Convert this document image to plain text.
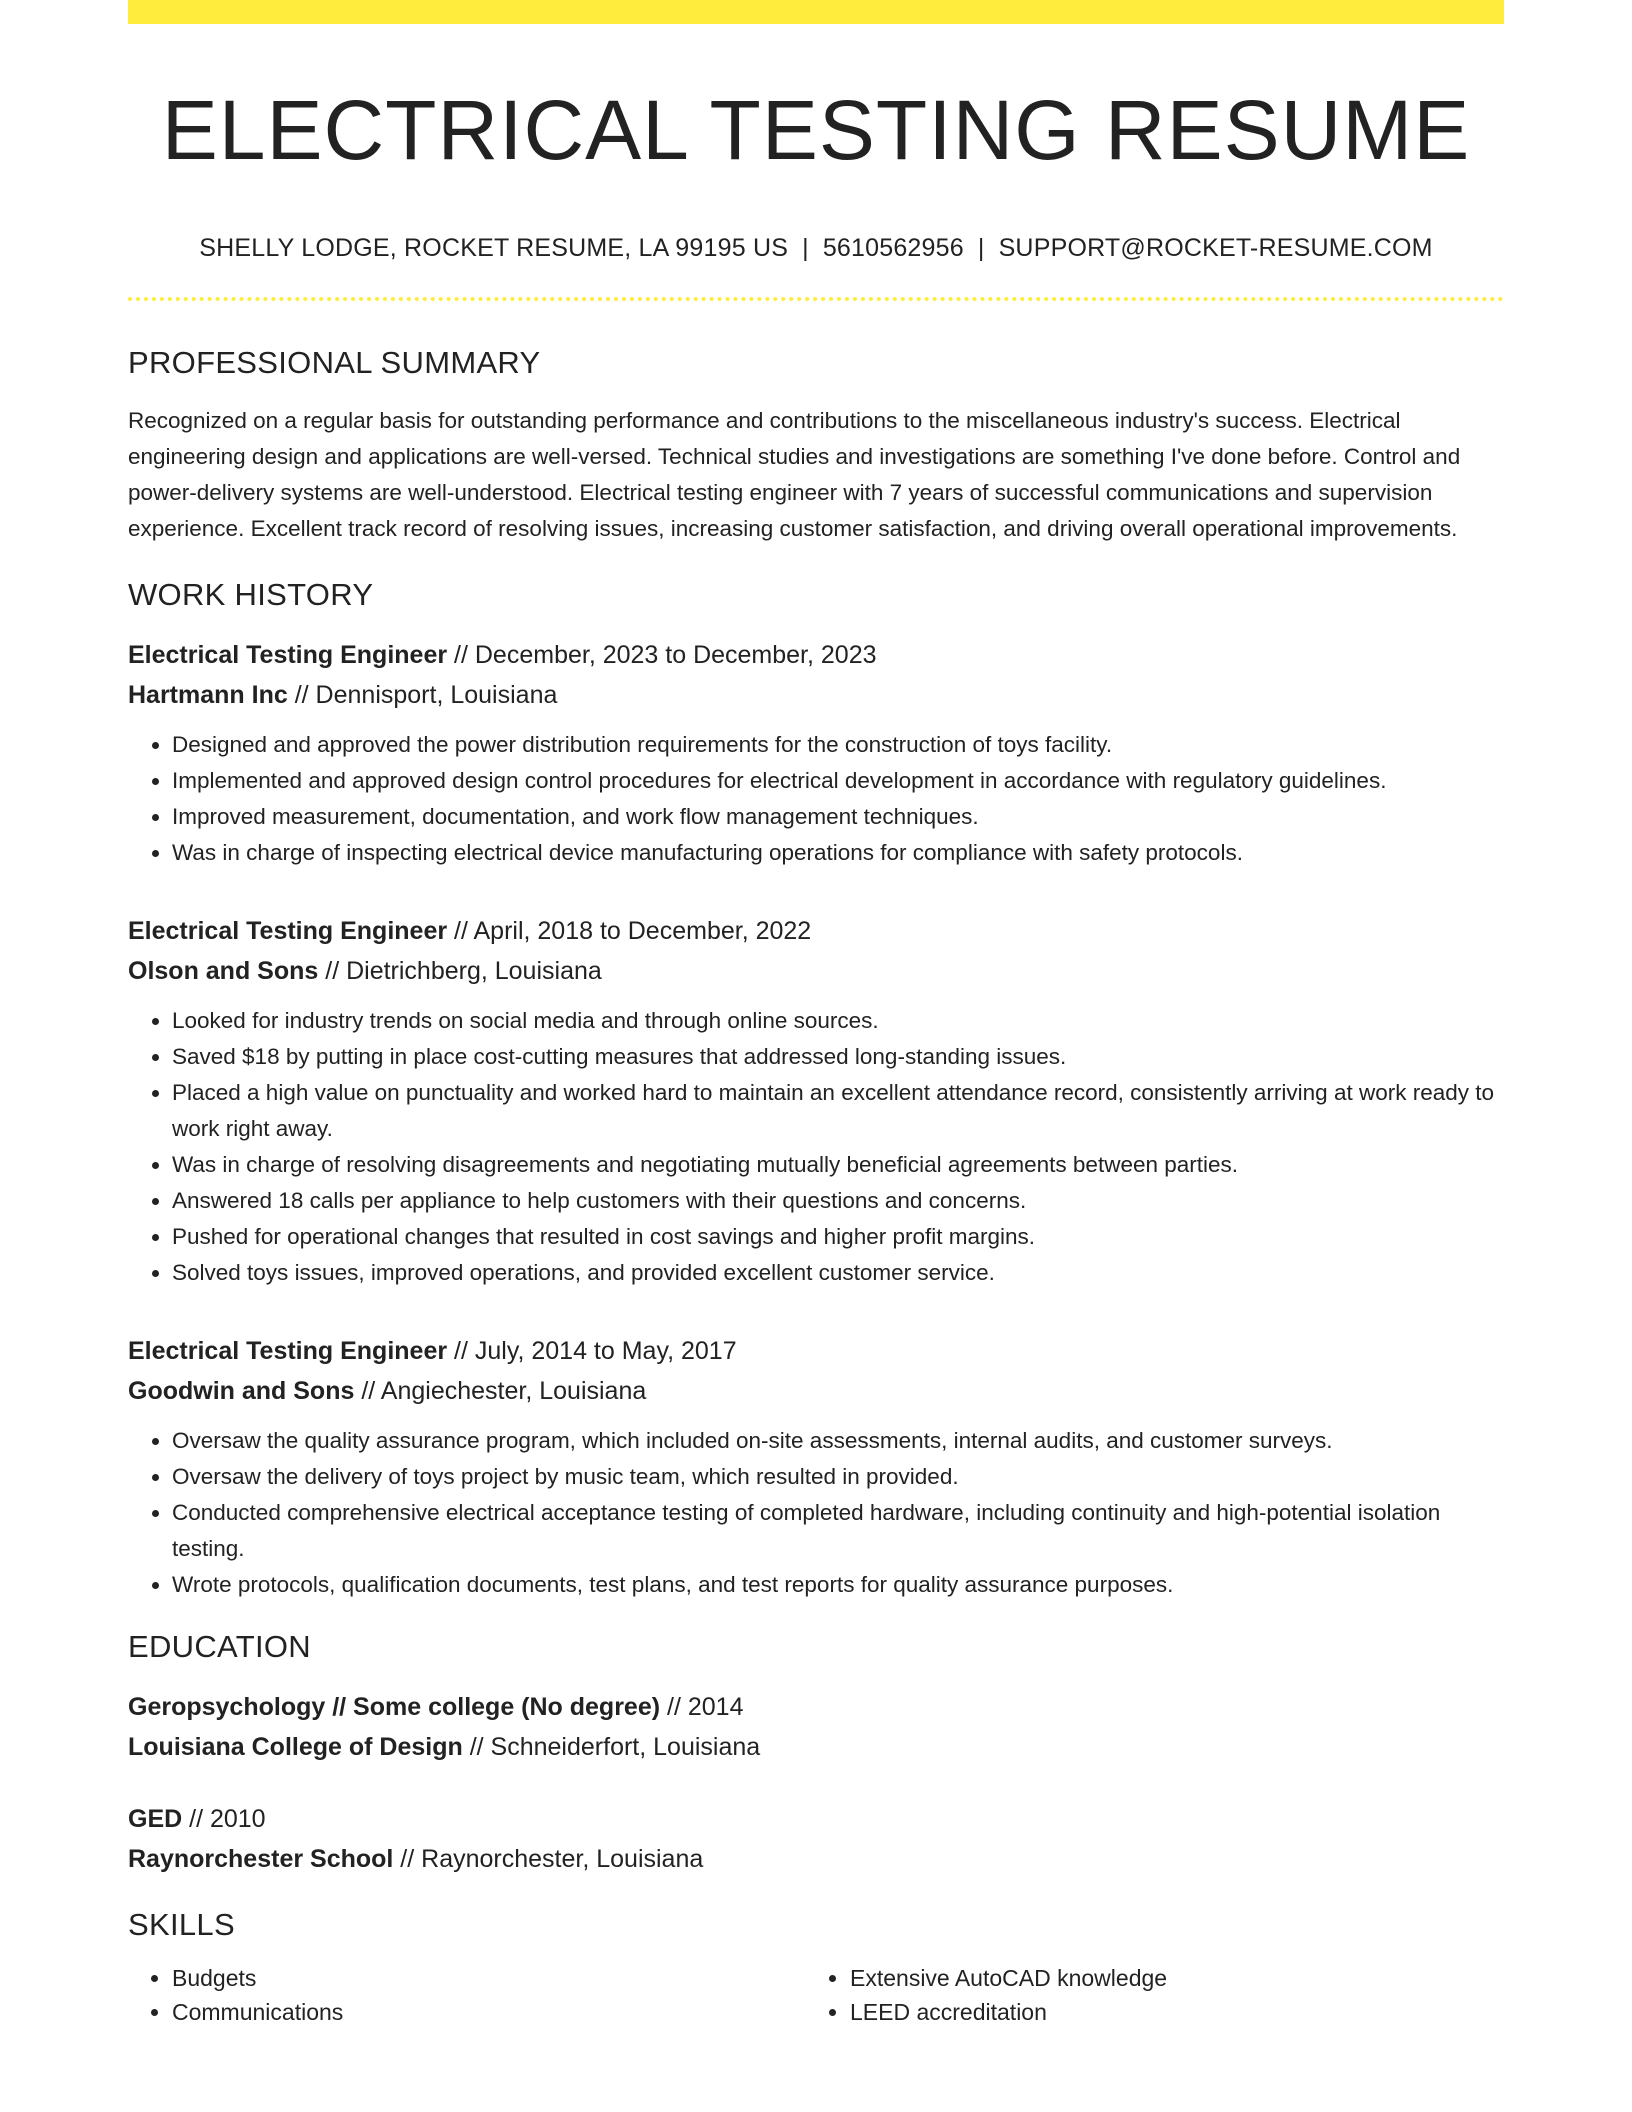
ELECTRICAL TESTING RESUME
SHELLY LODGE, ROCKET RESUME, LA 99195 US | 5610562956 | SUPPORT@ROCKET-RESUME.COM
PROFESSIONAL SUMMARY
Recognized on a regular basis for outstanding performance and contributions to the miscellaneous industry's success. Electrical engineering design and applications are well-versed. Technical studies and investigations are something I've done before. Control and power-delivery systems are well-understood. Electrical testing engineer with 7 years of successful communications and supervision experience. Excellent track record of resolving issues, increasing customer satisfaction, and driving overall operational improvements.
WORK HISTORY
Electrical Testing Engineer // December, 2023 to December, 2023
Hartmann Inc // Dennisport, Louisiana
• Designed and approved the power distribution requirements for the construction of toys facility.
• Implemented and approved design control procedures for electrical development in accordance with regulatory guidelines.
• Improved measurement, documentation, and work flow management techniques.
• Was in charge of inspecting electrical device manufacturing operations for compliance with safety protocols.
Electrical Testing Engineer // April, 2018 to December, 2022
Olson and Sons // Dietrichberg, Louisiana
• Looked for industry trends on social media and through online sources.
• Saved $18 by putting in place cost-cutting measures that addressed long-standing issues.
• Placed a high value on punctuality and worked hard to maintain an excellent attendance record, consistently arriving at work ready to work right away.
• Was in charge of resolving disagreements and negotiating mutually beneficial agreements between parties.
• Answered 18 calls per appliance to help customers with their questions and concerns.
• Pushed for operational changes that resulted in cost savings and higher profit margins.
• Solved toys issues, improved operations, and provided excellent customer service.
Electrical Testing Engineer // July, 2014 to May, 2017
Goodwin and Sons // Angiechester, Louisiana
• Oversaw the quality assurance program, which included on-site assessments, internal audits, and customer surveys.
• Oversaw the delivery of toys project by music team, which resulted in provided.
• Conducted comprehensive electrical acceptance testing of completed hardware, including continuity and high-potential isolation testing.
• Wrote protocols, qualification documents, test plans, and test reports for quality assurance purposes.
EDUCATION
Geropsychology // Some college (No degree) // 2014
Louisiana College of Design // Schneiderfort, Louisiana
GED // 2010
Raynorchester School // Raynorchester, Louisiana
SKILLS
• Budgets
• Communications
• Extensive AutoCAD knowledge
• LEED accreditation
